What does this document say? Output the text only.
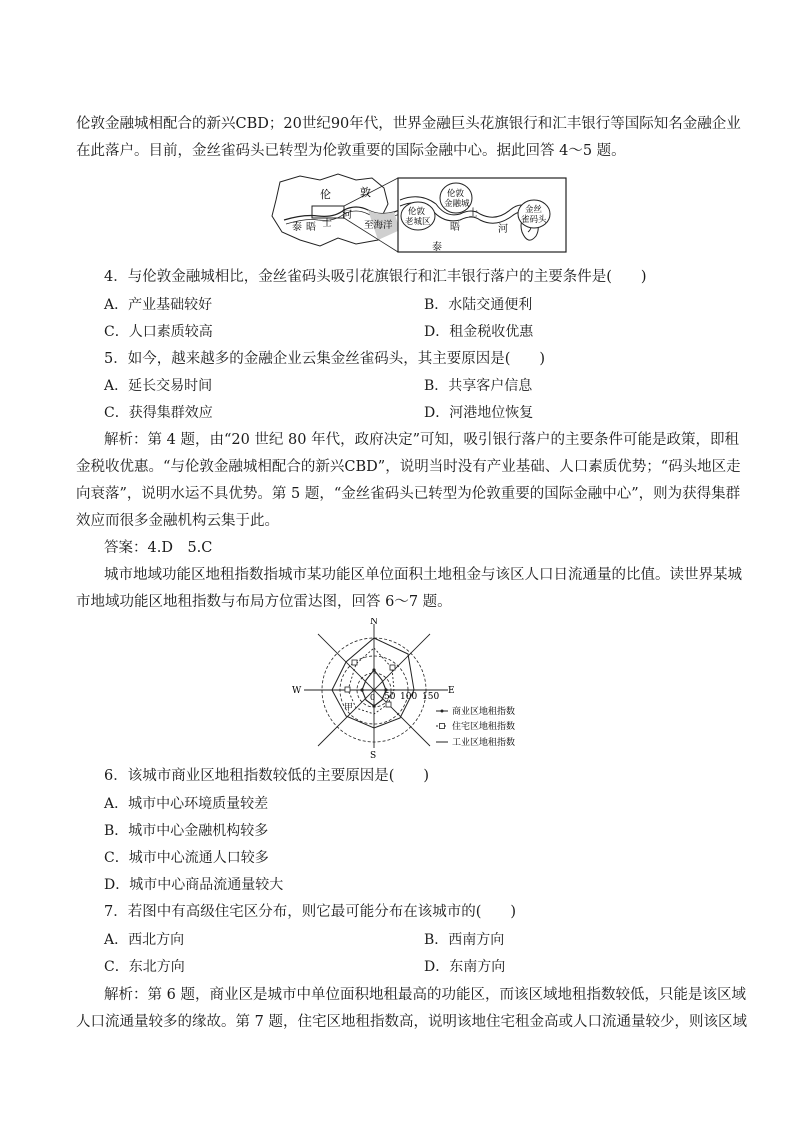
伦敦金融城相配合的新兴CBD；20世纪90年代，世界金融巨头花旗银行和汇丰银行等国际知名金融企业
在此落户。目前，金丝雀码头已转型为伦敦重要的国际金融中心。据此回答 4～5 题。
伦	敦
泰 晤 士
河
至海洋
伦敦
老城区
伦敦
金融城
金丝
雀码头
泰
晤
士
河
4．与伦敦金融城相比，金丝雀码头吸引花旗银行和汇丰银行落户的主要条件是(　　)
A．产业基础较好	B．水陆交通便利
C．人口素质较高	D．租金税收优惠
5．如今，越来越多的金融企业云集金丝雀码头，其主要原因是(　　)
A．延长交易时间	B．共享客户信息
C．获得集群效应	D．河港地位恢复
解析：第 4 题，由“20 世纪 80 年代，政府决定”可知，吸引银行落户的主要条件可能是政策，即租
金税收优惠。“与伦敦金融城相配合的新兴CBD”，说明当时没有产业基础、人口素质优势；“码头地区走
向衰落”，说明水运不具优势。第 5 题，“金丝雀码头已转型为伦敦重要的国际金融中心”，则为获得集群
效应而很多金融机构云集于此。
答案：4.D　5.C
城市地域功能区地租指数指城市某功能区单位面积土地租金与该区人口日流通量的比值。读世界某城
市地域功能区地租指数与布局方位雷达图，回答 6～7 题。
N
S
E
W
0 50 100 150
甲	商业区地租指数
住宅区地租指数
工业区地租指数
6．该城市商业区地租指数较低的主要原因是(　　)
A．城市中心环境质量较差
B．城市中心金融机构较多
C．城市中心流通人口较多
D．城市中心商品流通量较大
7．若图中有高级住宅区分布，则它最可能分布在该城市的(　　)
A．西北方向	B．西南方向
C．东北方向	D．东南方向
解析：第 6 题，商业区是城市中单位面积地租最高的功能区，而该区域地租指数较低，只能是该区域
人口流通量较多的缘故。第 7 题，住宅区地租指数高，说明该地住宅租金高或人口流通量较少，则该区域
